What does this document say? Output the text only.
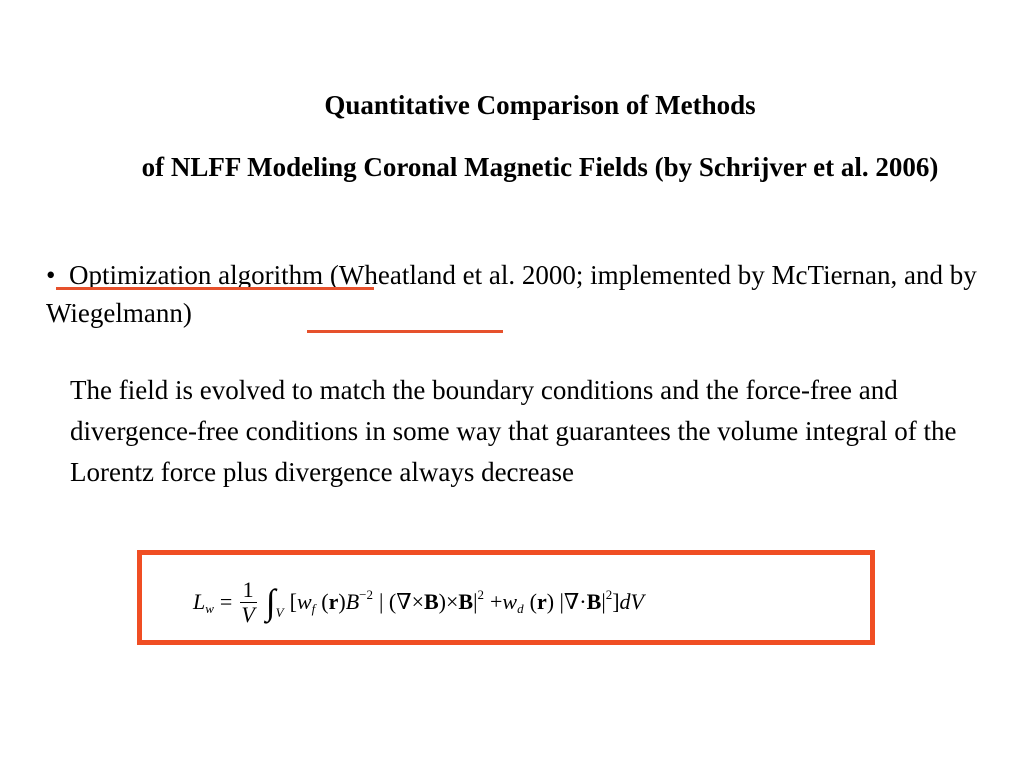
Quantitative Comparison of Methods
of NLFF Modeling Coronal Magnetic Fields (by Schrijver et al. 2006)
• Optimization algorithm (Wheatland et al. 2000; implemented by McTiernan, and by Wiegelmann)
The field is evolved to match the boundary conditions and the force-free and divergence-free conditions in some way that guarantees the volume integral of the Lorentz force plus divergence always decrease
$L_w = \frac{1}{V} \int_V$ [ $w_f$ ( r ) $B^{-2}$ | (∇× B )× B $|^2 + w_d$ ( r ) |∇· B $|^2$ ] dV
